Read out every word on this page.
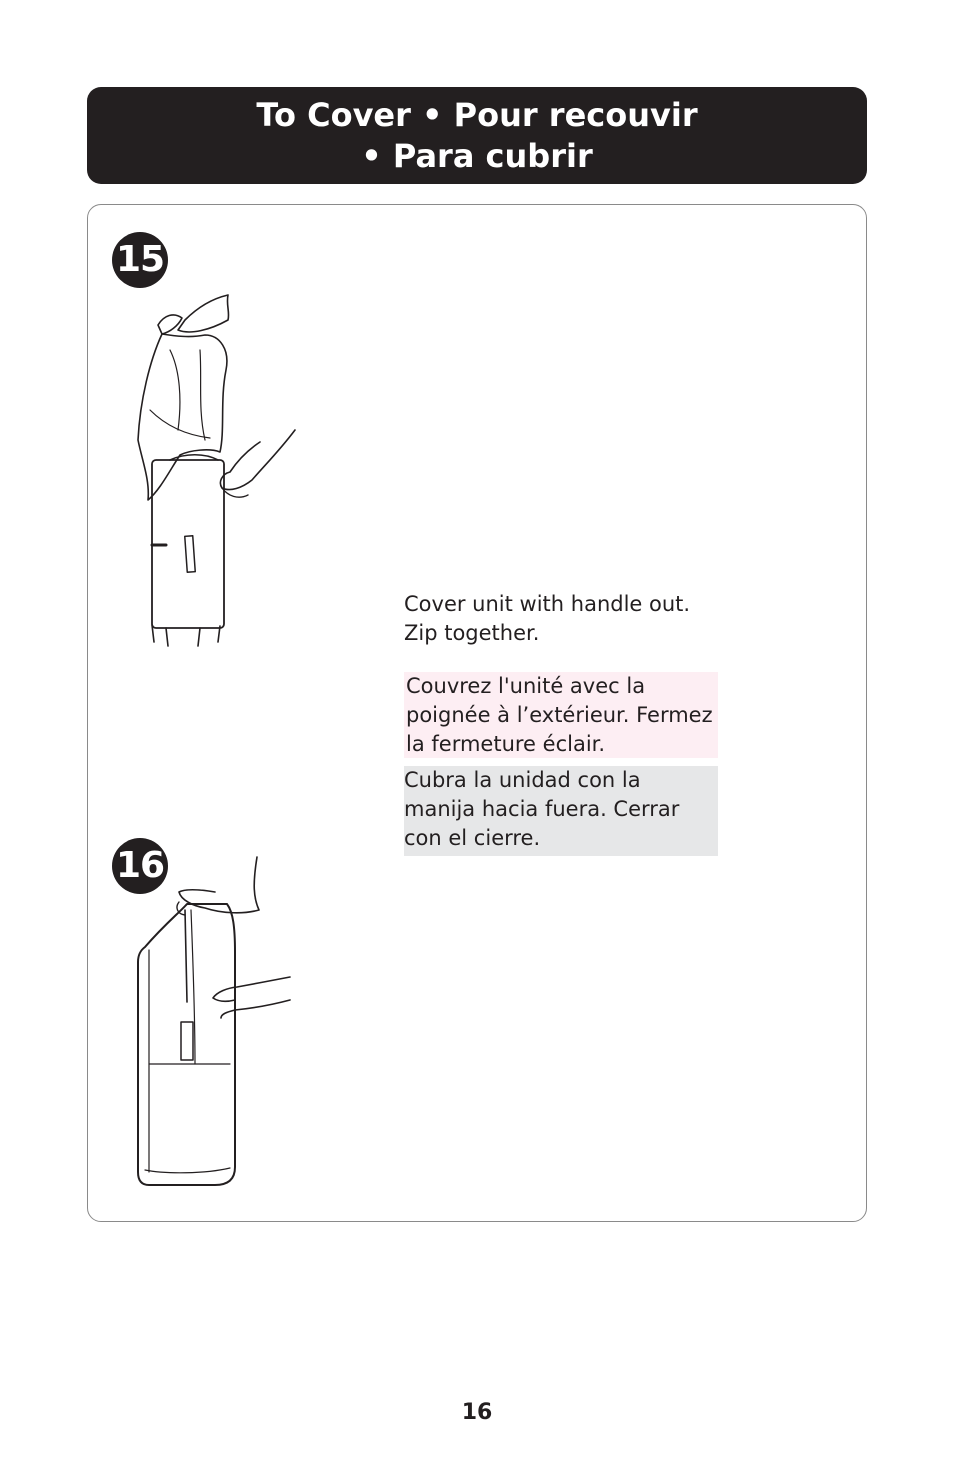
To Cover • Pour recouvir
• Para cubrir
15
16
Cover unit with handle out.
Zip together.
Couvrez l'unité avec la
poignée à l’extérieur. Fermez
la fermeture éclair.
Cubra la unidad con la
manija hacia fuera. Cerrar
con el cierre.
16
